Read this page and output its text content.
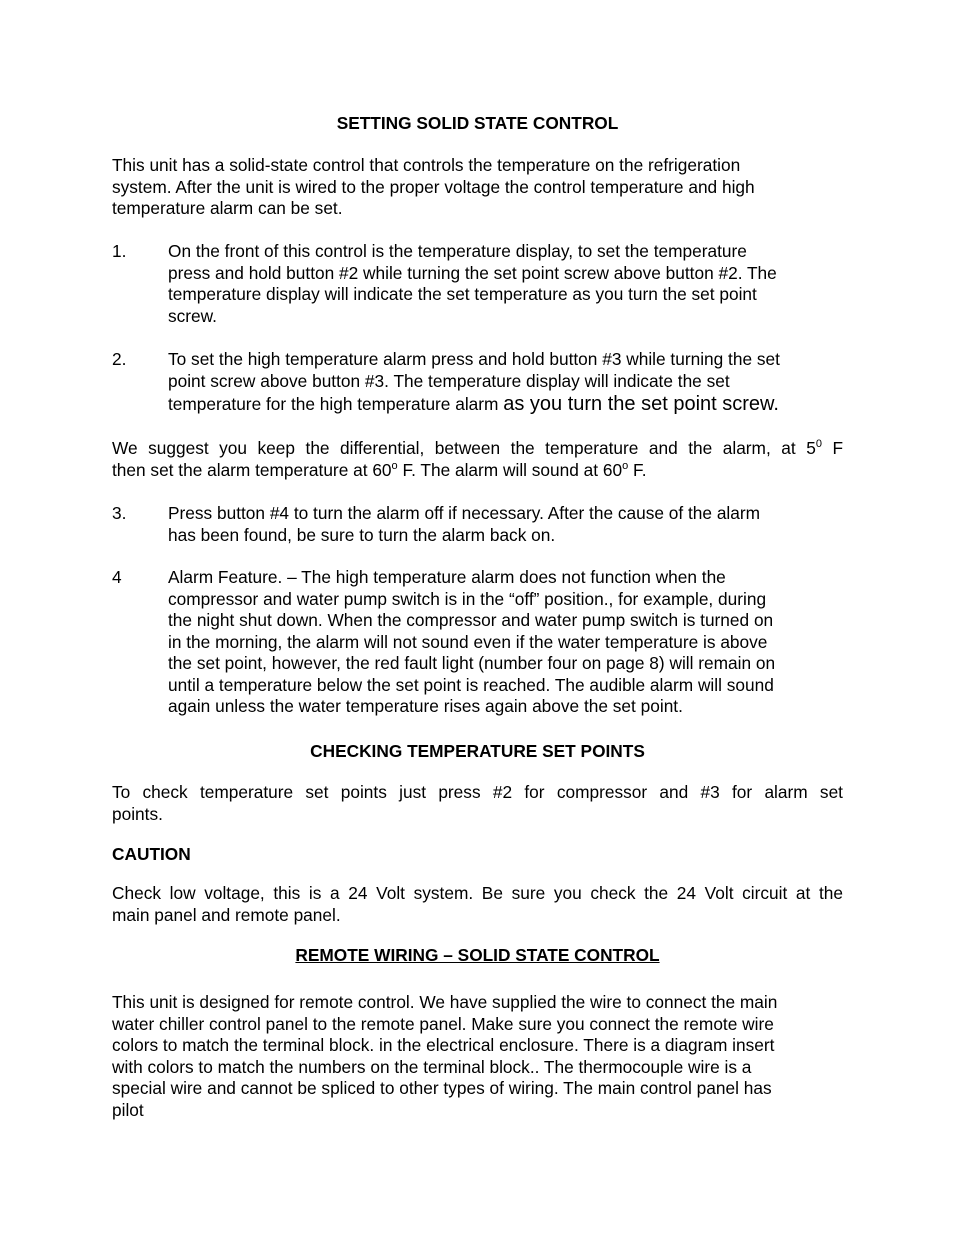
SETTING SOLID STATE CONTROL
This unit has a solid-state control that controls the temperature on the refrigeration
system. After the unit is wired to the proper voltage the control temperature and high
temperature alarm can be set.
1. On the front of this control is the temperature display, to set the temperature
press and hold button #2 while turning the set point screw above button #2. The
temperature display will indicate the set temperature as you turn the set point
screw.
2. To set the high temperature alarm press and hold button #3 while turning the set
point screw above button #3. The temperature display will indicate the set
temperature for the high temperature alarm as you turn the set point screw.
We suggest you keep the differential, between the temperature and the alarm, at $5^0$ F
then set the alarm temperature at 60$^o$ F. The alarm will sound at 60$^o$ F.
3. Press button #4 to turn the alarm off if necessary. After the cause of the alarm
has been found, be sure to turn the alarm back on.
4	Alarm Feature. – The high temperature alarm does not function when the
compressor and water pump switch is in the “off” position., for example, during
the night shut down. When the compressor and water pump switch is turned on
in the morning, the alarm will not sound even if the water temperature is above
the set point, however, the red fault light (number four on page 8) will remain on
until a temperature below the set point is reached. The audible alarm will sound
again unless the water temperature rises again above the set point.
CHECKING TEMPERATURE SET POINTS
To check temperature set points just press #2 for compressor and #3 for alarm set
points.
CAUTION
Check low voltage, this is a 24 Volt system. Be sure you check the 24 Volt circuit at the
main panel and remote panel.
REMOTE WIRING – SOLID STATE CONTROL
This unit is designed for remote control. We have supplied the wire to connect the main
water chiller control panel to the remote panel. Make sure you connect the remote wire
colors to match the terminal block. in the electrical enclosure. There is a diagram insert
with colors to match the numbers on the terminal block.. The thermocouple wire is a
special wire and cannot be spliced to other types of wiring. The main control panel has
pilot
